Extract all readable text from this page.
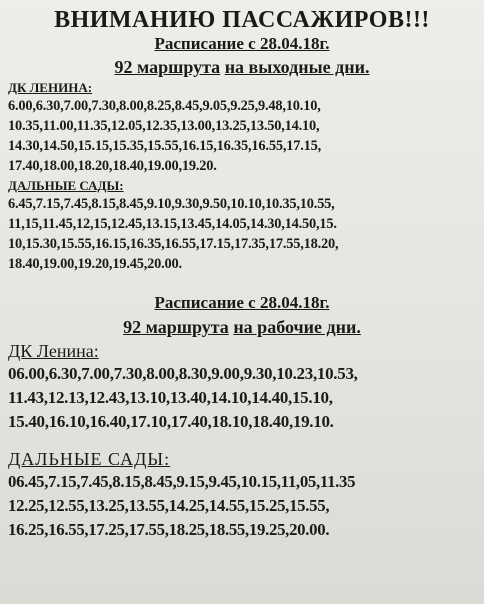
ВНИМАНИЮ ПАССАЖИРОВ!!!

Расписание с 28.04.18г.

92 маршрута на выходные дни.

ДК ЛЕНИНА:

6.00,6.30,7.00,7.30,8.00,8.25,8.45,9.05,9.25,9.48,10.10,
10.35,11.00,11.35,12.05,12.35,13.00,13.25,13.50,14.10,
14.30,14.50,15.15,15.35,15.55,16.15,16.35,16.55,17.15,
17.40,18.00,18.20,18.40,19.00,19.20.

ДАЛЬНЫЕ САДЫ:

6.45,7.15,7.45,8.15,8.45,9.10,9.30,9.50,10.10,10.35,10.55,
11,15,11.45,12,15,12.45,13.15,13.45,14.05,14.30,14.50,15.
10,15.30,15.55,16.15,16.35,16.55,17.15,17.35,17.55,18.20,
18.40,19.00,19.20,19.45,20.00.

Расписание с 28.04.18г.

92 маршрута на рабочие дни.

ДК Ленина:

06.00,6.30,7.00,7.30,8.00,8.30,9.00,9.30,10.23,10.53,
11.43,12.13,12.43,13.10,13.40,14.10,14.40,15.10,
15.40,16.10,16.40,17.10,17.40,18.10,18.40,19.10.

ДАЛЬНЫЕ САДЫ:

06.45,7.15,7.45,8.15,8.45,9.15,9.45,10.15,11,05,11.35
12.25,12.55,13.25,13.55,14.25,14.55,15.25,15.55,
16.25,16.55,17.25,17.55,18.25,18.55,19.25,20.00.
